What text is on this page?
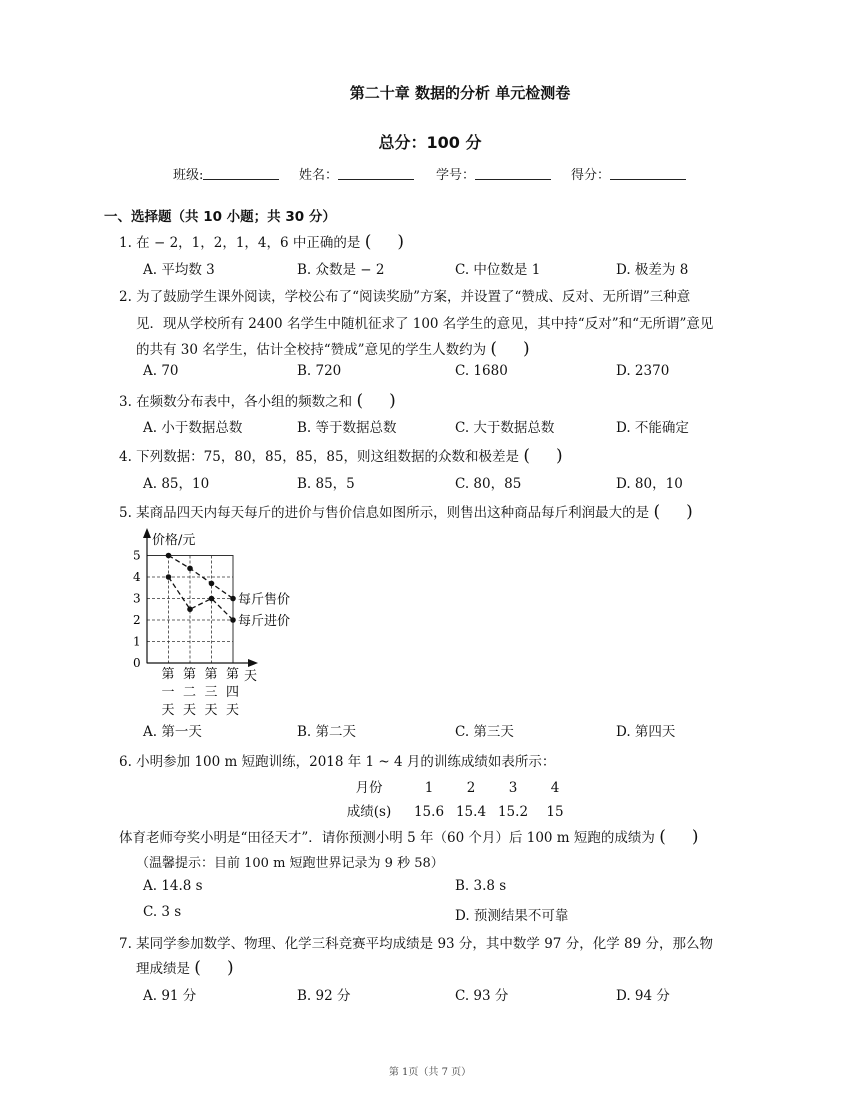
第二十章 数据的分析 单元检测卷
总分：100 分
班级:	姓名：	学号：	得分：
一、选择题（共 10 小题；共 30 分）
1. 在 − 2，1，2，1，4，6 中正确的是 ( )
A. 平均数 3	B. 众数是 − 2	C. 中位数是 1	D. 极差为 8
2. 为了鼓励学生课外阅读，学校公布了“阅读奖励”方案，并设置了“赞成、反对、无所谓”三种意
见．现从学校所有 2400 名学生中随机征求了 100 名学生的意见，其中持“反对”和“无所谓”意见
的共有 30 名学生，估计全校持“赞成”意见的学生人数约为 ( )
A. 70	B. 720	C. 1680	D. 2370
3. 在频数分布表中，各小组的频数之和 ( )
A. 小于数据总数	B. 等于数据总数	C. 大于数据总数	D. 不能确定
4. 下列数据：75，80，85，85，85，则这组数据的众数和极差是 ( )
A. 85，10	B. 85，5	C. 80，85	D. 80，10
5. 某商品四天内每天每斤的进价与售价信息如图所示，则售出这种商品每斤利润最大的是 ( )
价格/元
0
1
2
3
4
5
第
一
天
第
二
天
第
三
天
第
四
天
天
每斤售价
每斤进价
A. 第一天	B. 第二天	C. 第三天	D. 第四天
6. 小明参加 100 m 短跑训练，2018 年 1 ~ 4 月的训练成绩如表所示：
月份	1 2 3 4
成绩(s) 15.6 15.4 15.2 15
体育老师夸奖小明是“田径天才”．请你预测小明 5 年（60 个月）后 100 m 短跑的成绩为 ( )
（温馨提示：目前 100 m 短跑世界记录为 9 秒 58）
A. 14.8 s	B. 3.8 s
C. 3 s	D. 预测结果不可靠
7. 某同学参加数学、物理、化学三科竞赛平均成绩是 93 分，其中数学 97 分，化学 89 分，那么物
理成绩是 ( )
A. 91 分	B. 92 分	C. 93 分	D. 94 分
第 1页（共 7 页）
